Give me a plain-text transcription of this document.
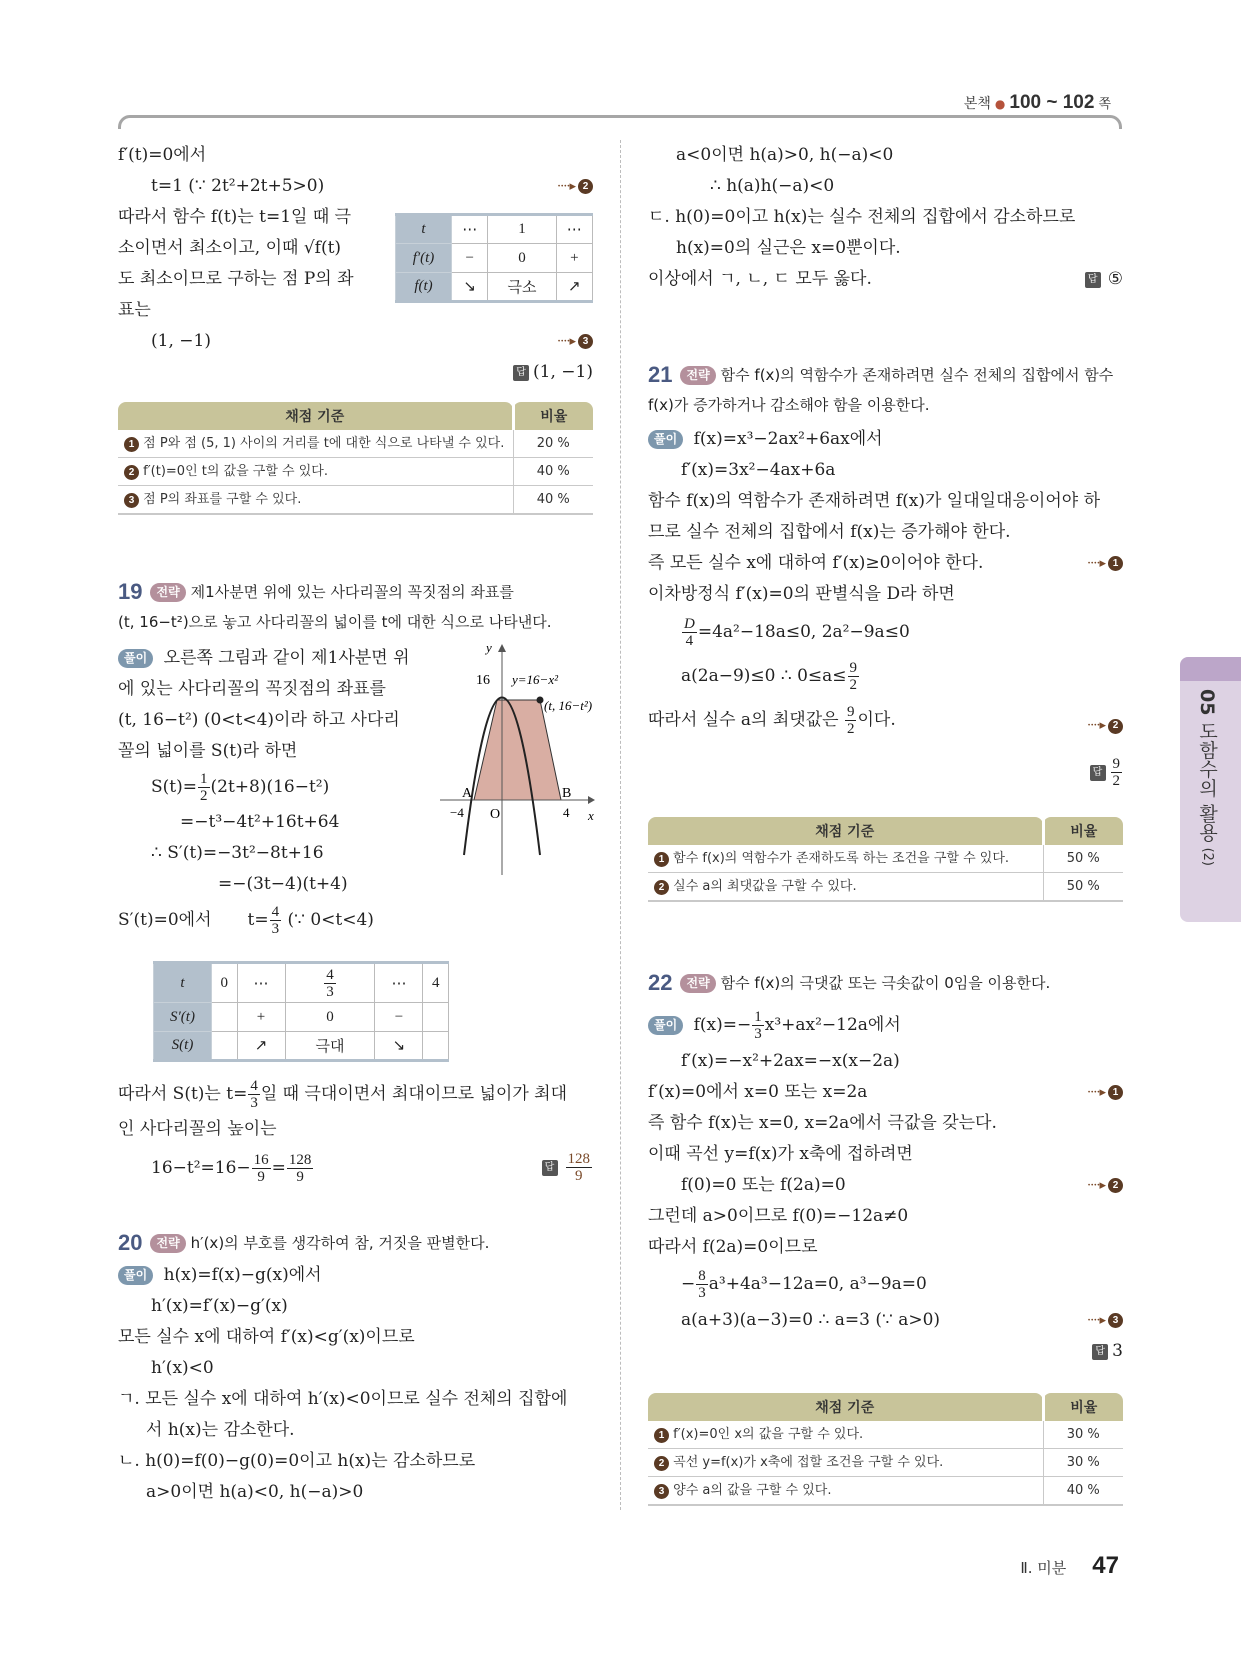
본책 ● 100 ~ 102 쪽
f′(t)=0에서
t=1 (∵ 2t²+2t+5>0)	····▸ 2
따라서 함수 f(t)는 t=1일 때 극
소이면서 최소이고, 이때 √f(t)
도 최소이므로 구하는 점 P의 좌
표는
(1, −1)	····▸ 3
답 (1, −1)
t	⋯	1	⋯
f′(t)	−	0	+
f(t)	↘	극소	↗
채점 기준	비율
1 점 P와 점 (5, 1) 사이의 거리를 t에 대한 식으로 나타낼 수 있다.	20 %
2 f′(t)=0인 t의 값을 구할 수 있다.	40 %
3 점 P의 좌표를 구할 수 있다.	40 %
19 전략 제1사분면 위에 있는 사다리꼴의 꼭짓점의 좌표를
(t, 16−t²)으로 놓고 사다리꼴의 넓이를 t에 대한 식으로 나타낸다.
풀이 오른쪽 그림과 같이 제1사분면 위
에 있는 사다리꼴의 꼭짓점의 좌표를
(t, 16−t²) (0<t<4)이라 하고 사다리
꼴의 넓이를 S(t)라 하면
$S(t)= \frac{1}{2} (2t+8)(16-t^2)$
=−t³−4t²+16t+64
∴ S′(t)=−3t²−8t+16
=−(3t−4)(t+4)
S′(t)=0에서 $t= \frac{4}{3}$ (∵ 0<t<4)
y
x
16 y=16−x²
(t, 16−t²)
A	B
−4 O	4
t	0	⋯	$\frac{4}{3}$	⋯	4
S′(t)		+	0	−	
S(t)		↗	극대	↘	
따라서 S(t)는 $t= \frac{4}{3}$ 일 때 극대이면서 최대이므로 넓이가 최대
인 사다리꼴의 높이는
$16-t^2=16- \frac{16}{9} = \frac{128}{9}$	답 $\frac{128}{9}$
20 전략 h′(x)의 부호를 생각하여 참, 거짓을 판별한다.
풀이 h(x)=f(x)−g(x)에서
h′(x)=f′(x)−g′(x)
모든 실수 x에 대하여 f′(x)<g′(x)이므로
h′(x)<0
ㄱ. 모든 실수 x에 대하여 h′(x)<0이므로 실수 전체의 집합에
서 h(x)는 감소한다.
ㄴ. h(0)=f(0)−g(0)=0이고 h(x)는 감소하므로
a>0이면 h(a)<0, h(−a)>0
a<0이면 h(a)>0, h(−a)<0
∴ h(a)h(−a)<0
ㄷ. h(0)=0이고 h(x)는 실수 전체의 집합에서 감소하므로
h(x)=0의 실근은 x=0뿐이다.
이상에서 ㄱ, ㄴ, ㄷ 모두 옳다.	답 ⑤
21 전략 함수 f(x)의 역함수가 존재하려면 실수 전체의 집합에서 함수
f(x)가 증가하거나 감소해야 함을 이용한다.
풀이 f(x)=x³−2ax²+6ax에서
f′(x)=3x²−4ax+6a
함수 f(x)의 역함수가 존재하려면 f(x)가 일대일대응이어야 하
므로 실수 전체의 집합에서 f(x)는 증가해야 한다.
즉 모든 실수 x에 대하여 f′(x)≥0이어야 한다.	····▸ 1
이차방정식 f′(x)=0의 판별식을 D라 하면
$\frac{D}{4} =4a^2-18a\le 0$, 2a²−9a≤0
a(2a−9)≤0 ∴ $0\le a\le \frac{9}{2}$
따라서 실수 a의 최댓값은 $\frac{9}{2}$ 이다.	····▸ 2
답 $\frac{9}{2}$
채점 기준	비율
1 함수 f(x)의 역함수가 존재하도록 하는 조건을 구할 수 있다.	50 %
2 실수 a의 최댓값을 구할 수 있다.	50 %
22 전략 함수 f(x)의 극댓값 또는 극솟값이 0임을 이용한다.
풀이 $f(x)=- \frac{1}{3} x^3+ax^2-12a$에서
f′(x)=−x²+2ax=−x(x−2a)
f′(x)=0에서 x=0 또는 x=2a	····▸ 1
즉 함수 f(x)는 x=0, x=2a에서 극값을 갖는다.
이때 곡선 y=f(x)가 x축에 접하려면
f(0)=0 또는 f(2a)=0	····▸ 2
그런데 a>0이므로 f(0)=−12a≠0
따라서 f(2a)=0이므로
− $\frac{8}{3} a^3+4a^3-12a=0$, a³−9a=0
a(a+3)(a−3)=0 ∴ a=3 (∵ a>0)	····▸ 3
답 3
채점 기준	비율
1 f′(x)=0인 x의 값을 구할 수 있다.	30 %
2 곡선 y=f(x)가 x축에 접할 조건을 구할 수 있다.	30 %
3 양수 a의 값을 구할 수 있다.	40 %
05 도함수의 활용 (2)
Ⅱ. 미분 47
